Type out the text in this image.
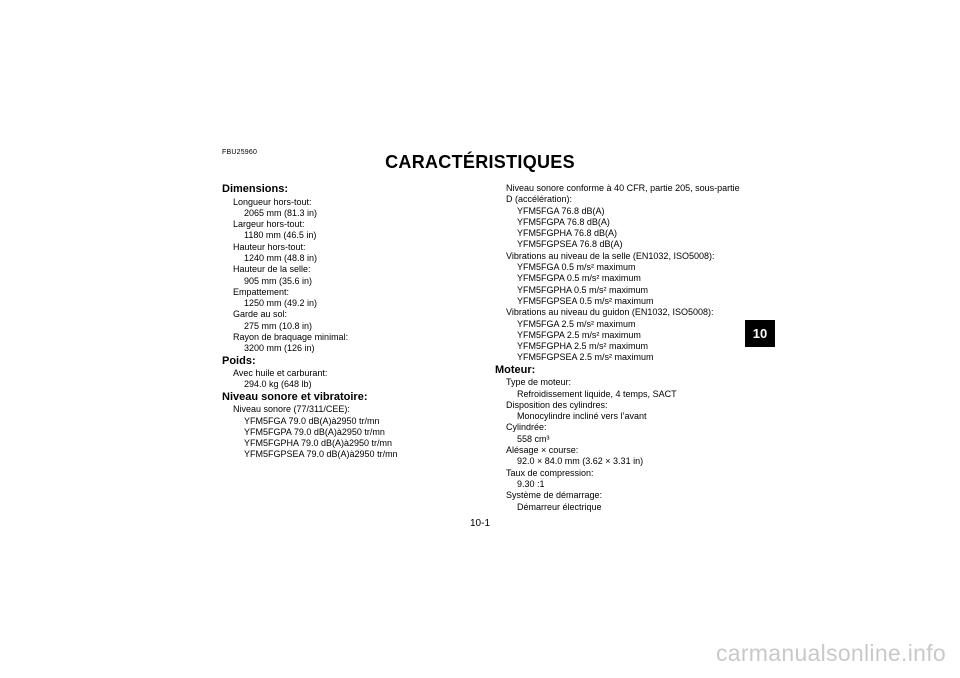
FBU25960	CARACTÉRISTIQUES
Dimensions:
Longueur hors-tout:
2065 mm (81.3 in)
Largeur hors-tout:
1180 mm (46.5 in)
Hauteur hors-tout:
1240 mm (48.8 in)
Hauteur de la selle:
905 mm (35.6 in)
Empattement:
1250 mm (49.2 in)
Garde au sol:
275 mm (10.8 in)
Rayon de braquage minimal:
3200 mm (126 in)
Poids:
Avec huile et carburant:
294.0 kg (648 lb)
Niveau sonore et vibratoire:
Niveau sonore (77/311/CEE):
YFM5FGA 79.0 dB(A)à2950 tr/mn
YFM5FGPA 79.0 dB(A)à2950 tr/mn
YFM5FGPHA 79.0 dB(A)à2950 tr/mn
YFM5FGPSEA 79.0 dB(A)à2950 tr/mn
Niveau sonore conforme à 40 CFR, partie 205, sous-partie
D (accélération):
YFM5FGA 76.8 dB(A)
YFM5FGPA 76.8 dB(A)
YFM5FGPHA 76.8 dB(A)
YFM5FGPSEA 76.8 dB(A)
Vibrations au niveau de la selle (EN1032, ISO5008):
YFM5FGA 0.5 m/s² maximum
YFM5FGPA 0.5 m/s² maximum
YFM5FGPHA 0.5 m/s² maximum
YFM5FGPSEA 0.5 m/s² maximum
Vibrations au niveau du guidon (EN1032, ISO5008):
YFM5FGA 2.5 m/s² maximum
YFM5FGPA 2.5 m/s² maximum
YFM5FGPHA 2.5 m/s² maximum
YFM5FGPSEA 2.5 m/s² maximum
Moteur:
Type de moteur:
Refroidissement liquide, 4 temps, SACT
Disposition des cylindres:
Monocylindre incliné vers l’avant
Cylindrée:
558 cm³
Alésage × course:
92.0 × 84.0 mm (3.62 × 3.31 in)
Taux de compression:
9.30 :1
Système de démarrage:
Démarreur électrique
10
10-1
carmanualsonline.info
